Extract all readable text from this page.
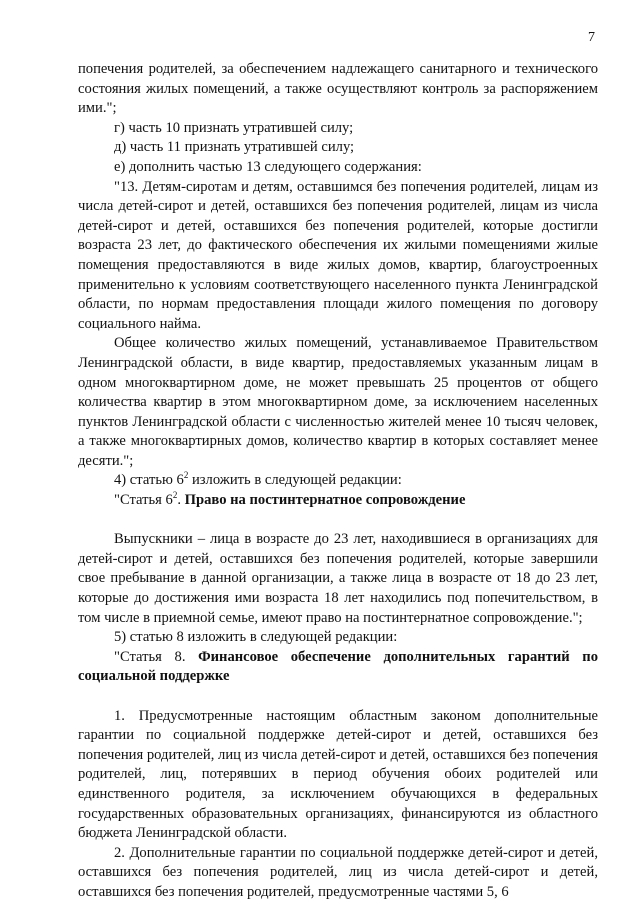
7

попечения родителей, за обеспечением надлежащего санитарного и технического состояния жилых помещений, а также осуществляют контроль за распоряжением ими.";

г) часть 10 признать утратившей силу;

д) часть 11 признать утратившей силу;

е) дополнить частью 13 следующего содержания:

"13. Детям-сиротам и детям, оставшимся без попечения родителей, лицам из числа детей-сирот и детей, оставшихся без попечения родителей, лицам из числа детей-сирот и детей, оставшихся без попечения родителей, которые достигли возраста 23 лет, до фактического обеспечения их жилыми помещениями жилые помещения предоставляются в виде жилых домов, квартир, благоустроенных применительно к условиям соответствующего населенного пункта Ленинградской области, по нормам предоставления площади жилого помещения по договору социального найма.

Общее количество жилых помещений, устанавливаемое Правительством Ленинградской области, в виде квартир, предоставляемых указанным лицам в одном многоквартирном доме, не может превышать 25 процентов от общего количества квартир в этом многоквартирном доме, за исключением населенных пунктов Ленинградской области с численностью жителей менее 10 тысяч человек, а также многоквартирных домов, количество квартир в которых составляет менее десяти.";

4) статью $6^2$ изложить в следующей редакции:

"Статья $6^2$. Право на постинтернатное сопровождение

Выпускники – лица в возрасте до 23 лет, находившиеся в организациях для детей-сирот и детей, оставшихся без попечения родителей, которые завершили свое пребывание в данной организации, а также лица в возрасте от 18 до 23 лет, которые до достижения ими возраста 18 лет находились под попечительством, в том числе в приемной семье, имеют право на постинтернатное сопровождение.";

5) статью 8 изложить в следующей редакции:

"Статья 8. Финансовое обеспечение дополнительных гарантий по социальной поддержке

1. Предусмотренные настоящим областным законом дополнительные гарантии по социальной поддержке детей-сирот и детей, оставшихся без попечения родителей, лиц из числа детей-сирот и детей, оставшихся без попечения родителей, лиц, потерявших в период обучения обоих родителей или единственного родителя, за исключением обучающихся в федеральных государственных образовательных организациях, финансируются из областного бюджета Ленинградской области.

2. Дополнительные гарантии по социальной поддержке детей-сирот и детей, оставшихся без попечения родителей, лиц из числа детей-сирот и детей, оставшихся без попечения родителей, предусмотренные частями 5, 6
